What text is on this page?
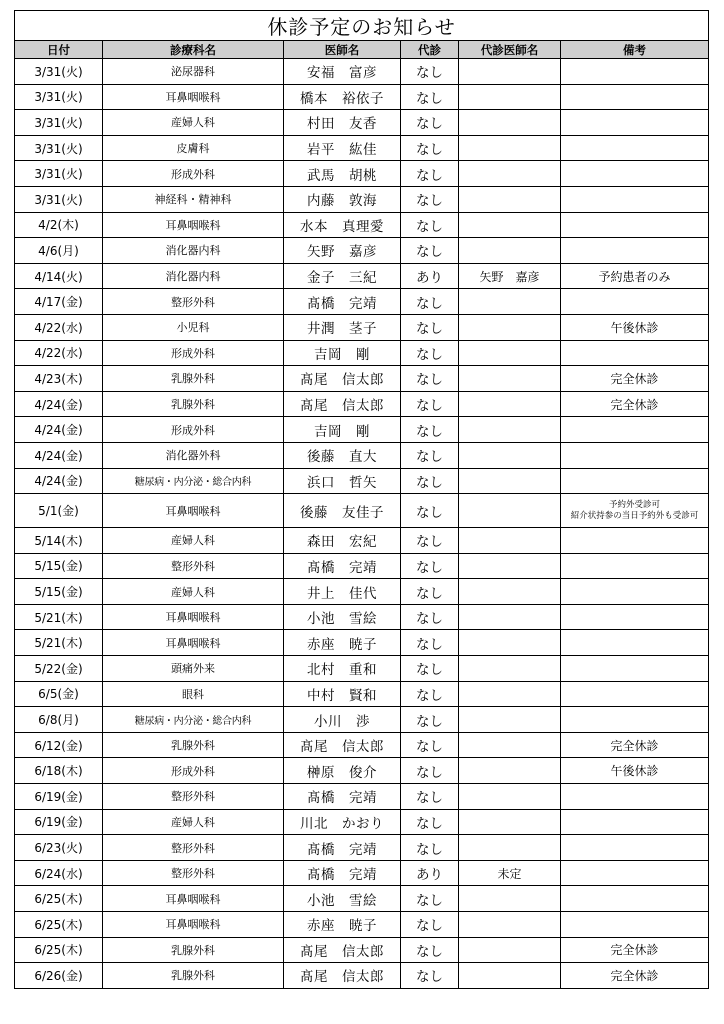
休診予定のお知らせ					
日付	診療科名	医師名	代診	代診医師名	備考
3/31(火)	泌尿器科	安福　富彦	なし		
3/31(火)	耳鼻咽喉科	橋本　裕依子	なし		
3/31(火)	産婦人科	村田　友香	なし		
3/31(火)	皮膚科	岩平　紘佳	なし		
3/31(火)	形成外科	武馬　胡桃	なし		
3/31(火)	神経科・精神科	内藤　敦海	なし		
4/2(木)	耳鼻咽喉科	水本　真理愛	なし		
4/6(月)	消化器内科	矢野　嘉彦	なし		
4/14(火)	消化器内科	金子　三紀	あり	矢野　嘉彦	予約患者のみ
4/17(金)	整形外科	髙橋　完靖	なし		
4/22(水)	小児科	井潤　茎子	なし		午後休診
4/22(水)	形成外科	吉岡　剛	なし		
4/23(木)	乳腺外科	髙尾　信太郎	なし		完全休診
4/24(金)	乳腺外科	髙尾　信太郎	なし		完全休診
4/24(金)	形成外科	吉岡　剛	なし		
4/24(金)	消化器外科	後藤　直大	なし		
4/24(金)	糖尿病・内分泌・総合内科	浜口　哲矢	なし		
5/1(金)	耳鼻咽喉科	後藤　友佳子	なし		予約外受診可
紹介状持参の当日予約外も受診可

5/14(木)	産婦人科	森田　宏紀	なし		
5/15(金)	整形外科	髙橋　完靖	なし		
5/15(金)	産婦人科	井上　佳代	なし		
5/21(木)	耳鼻咽喉科	小池　雪絵	なし		
5/21(木)	耳鼻咽喉科	赤座　暁子	なし		
5/22(金)	頭痛外来	北村　重和	なし		
6/5(金)	眼科	中村　賢和	なし		
6/8(月)	糖尿病・内分泌・総合内科	小川　渉	なし		
6/12(金)	乳腺外科	髙尾　信太郎	なし		完全休診
6/18(木)	形成外科	榊原　俊介	なし		午後休診
6/19(金)	整形外科	髙橋　完靖	なし		
6/19(金)	産婦人科	川北　かおり	なし		
6/23(火)	整形外科	髙橋　完靖	なし		
6/24(水)	整形外科	髙橋　完靖	あり	未定	
6/25(木)	耳鼻咽喉科	小池　雪絵	なし		
6/25(木)	耳鼻咽喉科	赤座　暁子	なし		
6/25(木)	乳腺外科	髙尾　信太郎	なし		完全休診
6/26(金)	乳腺外科	髙尾　信太郎	なし		完全休診
